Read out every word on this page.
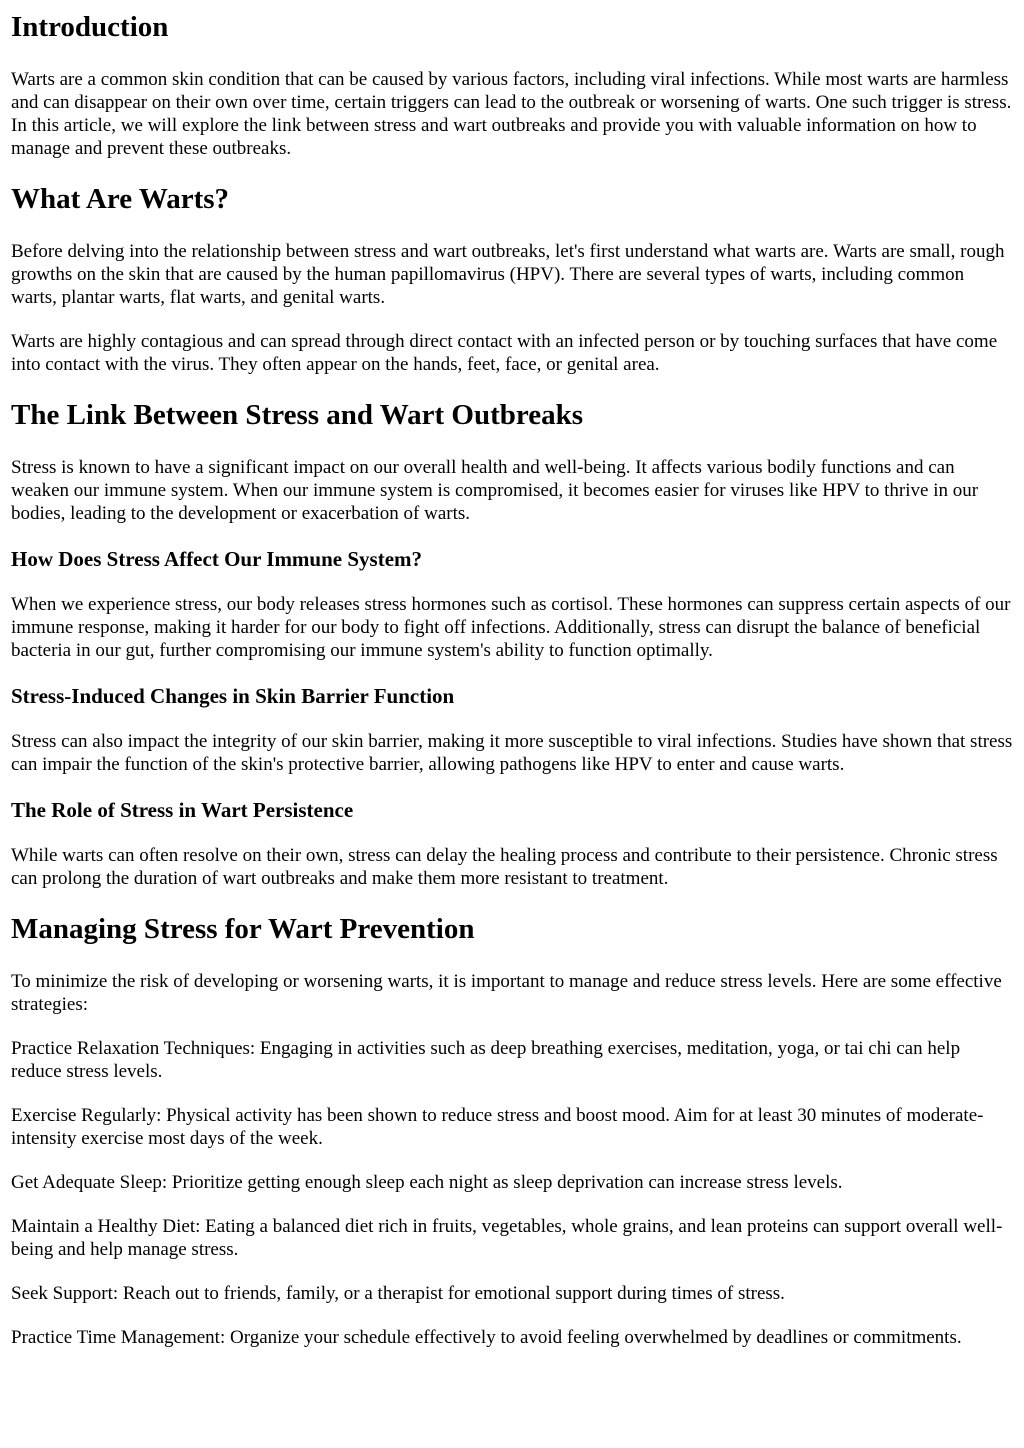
Introduction

Warts are a common skin condition that can be caused by various factors, including viral infections. While most warts are harmless and can disappear on their own over time, certain triggers can lead to the outbreak or worsening of warts. One such trigger is stress. In this article, we will explore the link between stress and wart outbreaks and provide you with valuable information on how to manage and prevent these outbreaks.

What Are Warts?

Before delving into the relationship between stress and wart outbreaks, let's first understand what warts are. Warts are small, rough growths on the skin that are caused by the human papillomavirus (HPV). There are several types of warts, including common warts, plantar warts, flat warts, and genital warts.

Warts are highly contagious and can spread through direct contact with an infected person or by touching surfaces that have come into contact with the virus. They often appear on the hands, feet, face, or genital area.

The Link Between Stress and Wart Outbreaks

Stress is known to have a significant impact on our overall health and well-being. It affects various bodily functions and can weaken our immune system. When our immune system is compromised, it becomes easier for viruses like HPV to thrive in our bodies, leading to the development or exacerbation of warts.

How Does Stress Affect Our Immune System?

When we experience stress, our body releases stress hormones such as cortisol. These hormones can suppress certain aspects of our immune response, making it harder for our body to fight off infections. Additionally, stress can disrupt the balance of beneficial bacteria in our gut, further compromising our immune system's ability to function optimally.

Stress-Induced Changes in Skin Barrier Function

Stress can also impact the integrity of our skin barrier, making it more susceptible to viral infections. Studies have shown that stress can impair the function of the skin's protective barrier, allowing pathogens like HPV to enter and cause warts.

The Role of Stress in Wart Persistence

While warts can often resolve on their own, stress can delay the healing process and contribute to their persistence. Chronic stress can prolong the duration of wart outbreaks and make them more resistant to treatment.

Managing Stress for Wart Prevention

To minimize the risk of developing or worsening warts, it is important to manage and reduce stress levels. Here are some effective strategies:

Practice Relaxation Techniques: Engaging in activities such as deep breathing exercises, meditation, yoga, or tai chi can help reduce stress levels.

Exercise Regularly: Physical activity has been shown to reduce stress and boost mood. Aim for at least 30 minutes of moderate-intensity exercise most days of the week.

Get Adequate Sleep: Prioritize getting enough sleep each night as sleep deprivation can increase stress levels.

Maintain a Healthy Diet: Eating a balanced diet rich in fruits, vegetables, whole grains, and lean proteins can support overall well-being and help manage stress.

Seek Support: Reach out to friends, family, or a therapist for emotional support during times of stress.

Practice Time Management: Organize your schedule effectively to avoid feeling overwhelmed by deadlines or commitments.
